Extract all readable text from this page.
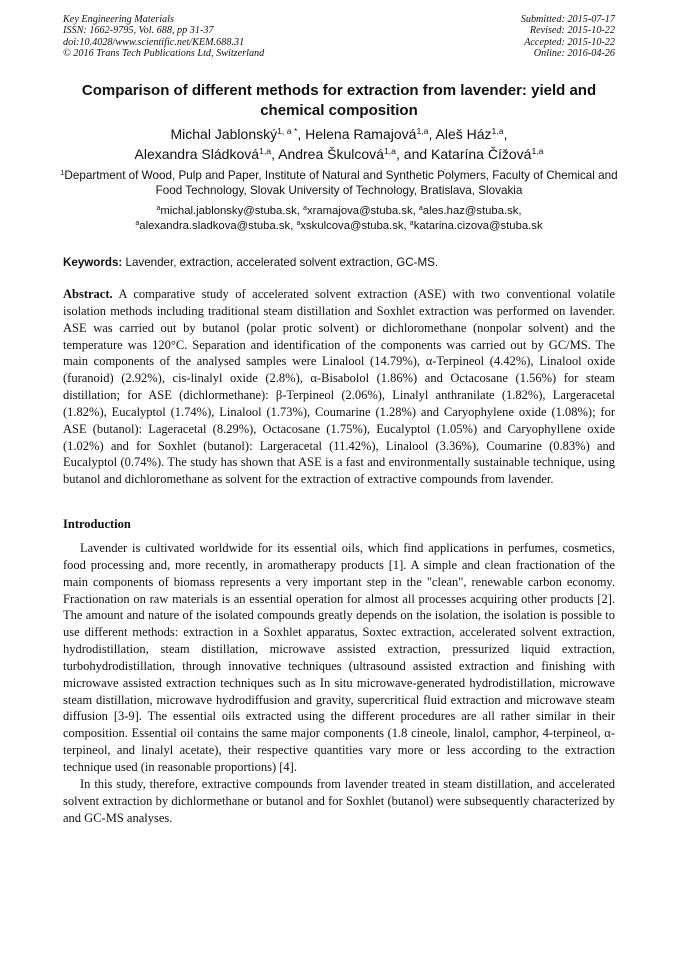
Key Engineering Materials
ISSN: 1662-9795, Vol. 688, pp 31-37
doi:10.4028/www.scientific.net/KEM.688.31
© 2016 Trans Tech Publications Ltd, Switzerland
Submitted: 2015-07-17
Revised: 2015-10-22
Accepted: 2015-10-22
Online: 2016-04-26
Comparison of different methods for extraction from lavender: yield and chemical composition
Michal Jablonský$^{1, a *}$, Helena Ramajová$^{1,a}$, Aleš Ház$^{1,a}$,
Alexandra Sládková$^{1,a}$, Andrea Škulcová$^{1,a}$, and Katarína Čížová$^{1,a}$
$^1$Department of Wood, Pulp and Paper, Institute of Natural and Synthetic Polymers, Faculty of Chemical and Food Technology, Slovak University of Technology, Bratislava, Slovakia
$^a$michal.jablonsky@stuba.sk, $^a$xramajova@stuba.sk, $^a$ales.haz@stuba.sk,
$^a$alexandra.sladkova@stuba.sk, $^a$xskulcova@stuba.sk, $^a$katarina.cizova@stuba.sk
Keywords: Lavender, extraction, accelerated solvent extraction, GC-MS.
Abstract. A comparative study of accelerated solvent extraction (ASE) with two conventional volatile isolation methods including traditional steam distillation and Soxhlet extraction was performed on lavender. ASE was carried out by butanol (polar protic solvent) or dichloromethane (nonpolar solvent) and the temperature was 120°C. Separation and identification of the components was carried out by GC/MS. The main components of the analysed samples were Linalool (14.79%), α-Terpineol (4.42%), Linalool oxide (furanoid) (2.92%), cis-linalyl oxide (2.8%), α-Bisabolol (1.86%) and Octacosane (1.56%) for steam distillation; for ASE (dichlormethane): β-Terpineol (2.06%), Linalyl anthranilate (1.82%), Largeracetal (1.82%), Eucalyptol (1.74%), Linalool (1.73%), Coumarine (1.28%) and Caryophylene oxide (1.08%); for ASE (butanol): Lageracetal (8.29%), Octacosane (1.75%), Eucalyptol (1.05%) and Caryophyllene oxide (1.02%) and for Soxhlet (butanol): Largeracetal (11.42%), Linalool (3.36%), Coumarine (0.83%) and Eucalyptol (0.74%). The study has shown that ASE is a fast and environmentally sustainable technique, using butanol and dichloromethane as solvent for the extraction of extractive compounds from lavender.
Introduction

Lavender is cultivated worldwide for its essential oils, which find applications in perfumes, cosmetics, food processing and, more recently, in aromatherapy products [1]. A simple and clean fractionation of the main components of biomass represents a very important step in the "clean", renewable carbon economy. Fractionation on raw materials is an essential operation for almost all processes acquiring other products [2]. The amount and nature of the isolated compounds greatly depends on the isolation, the isolation is possible to use different methods: extraction in a Soxhlet apparatus, Soxtec extraction, accelerated solvent extraction, hydrodistillation, steam distillation, microwave assisted extraction, pressurized liquid extraction, turbohydrodistillation, through innovative techniques (ultrasound assisted extraction and finishing with microwave assisted extraction techniques such as In situ microwave-generated hydrodistillation, microwave steam distillation, microwave hydrodiffusion and gravity, supercritical fluid extraction and microwave steam diffusion [3-9]. The essential oils extracted using the different procedures are all rather similar in their composition. Essential oil contains the same major components (1.8 cineole, linalol, camphor, 4-terpineol, α-terpineol, and linalyl acetate), their respective quantities vary more or less according to the extraction technique used (in reasonable proportions) [4].

In this study, therefore, extractive compounds from lavender treated in steam distillation, and accelerated solvent extraction by dichlormethane or butanol and for Soxhlet (butanol) were subsequently characterized by and GC-MS analyses.
